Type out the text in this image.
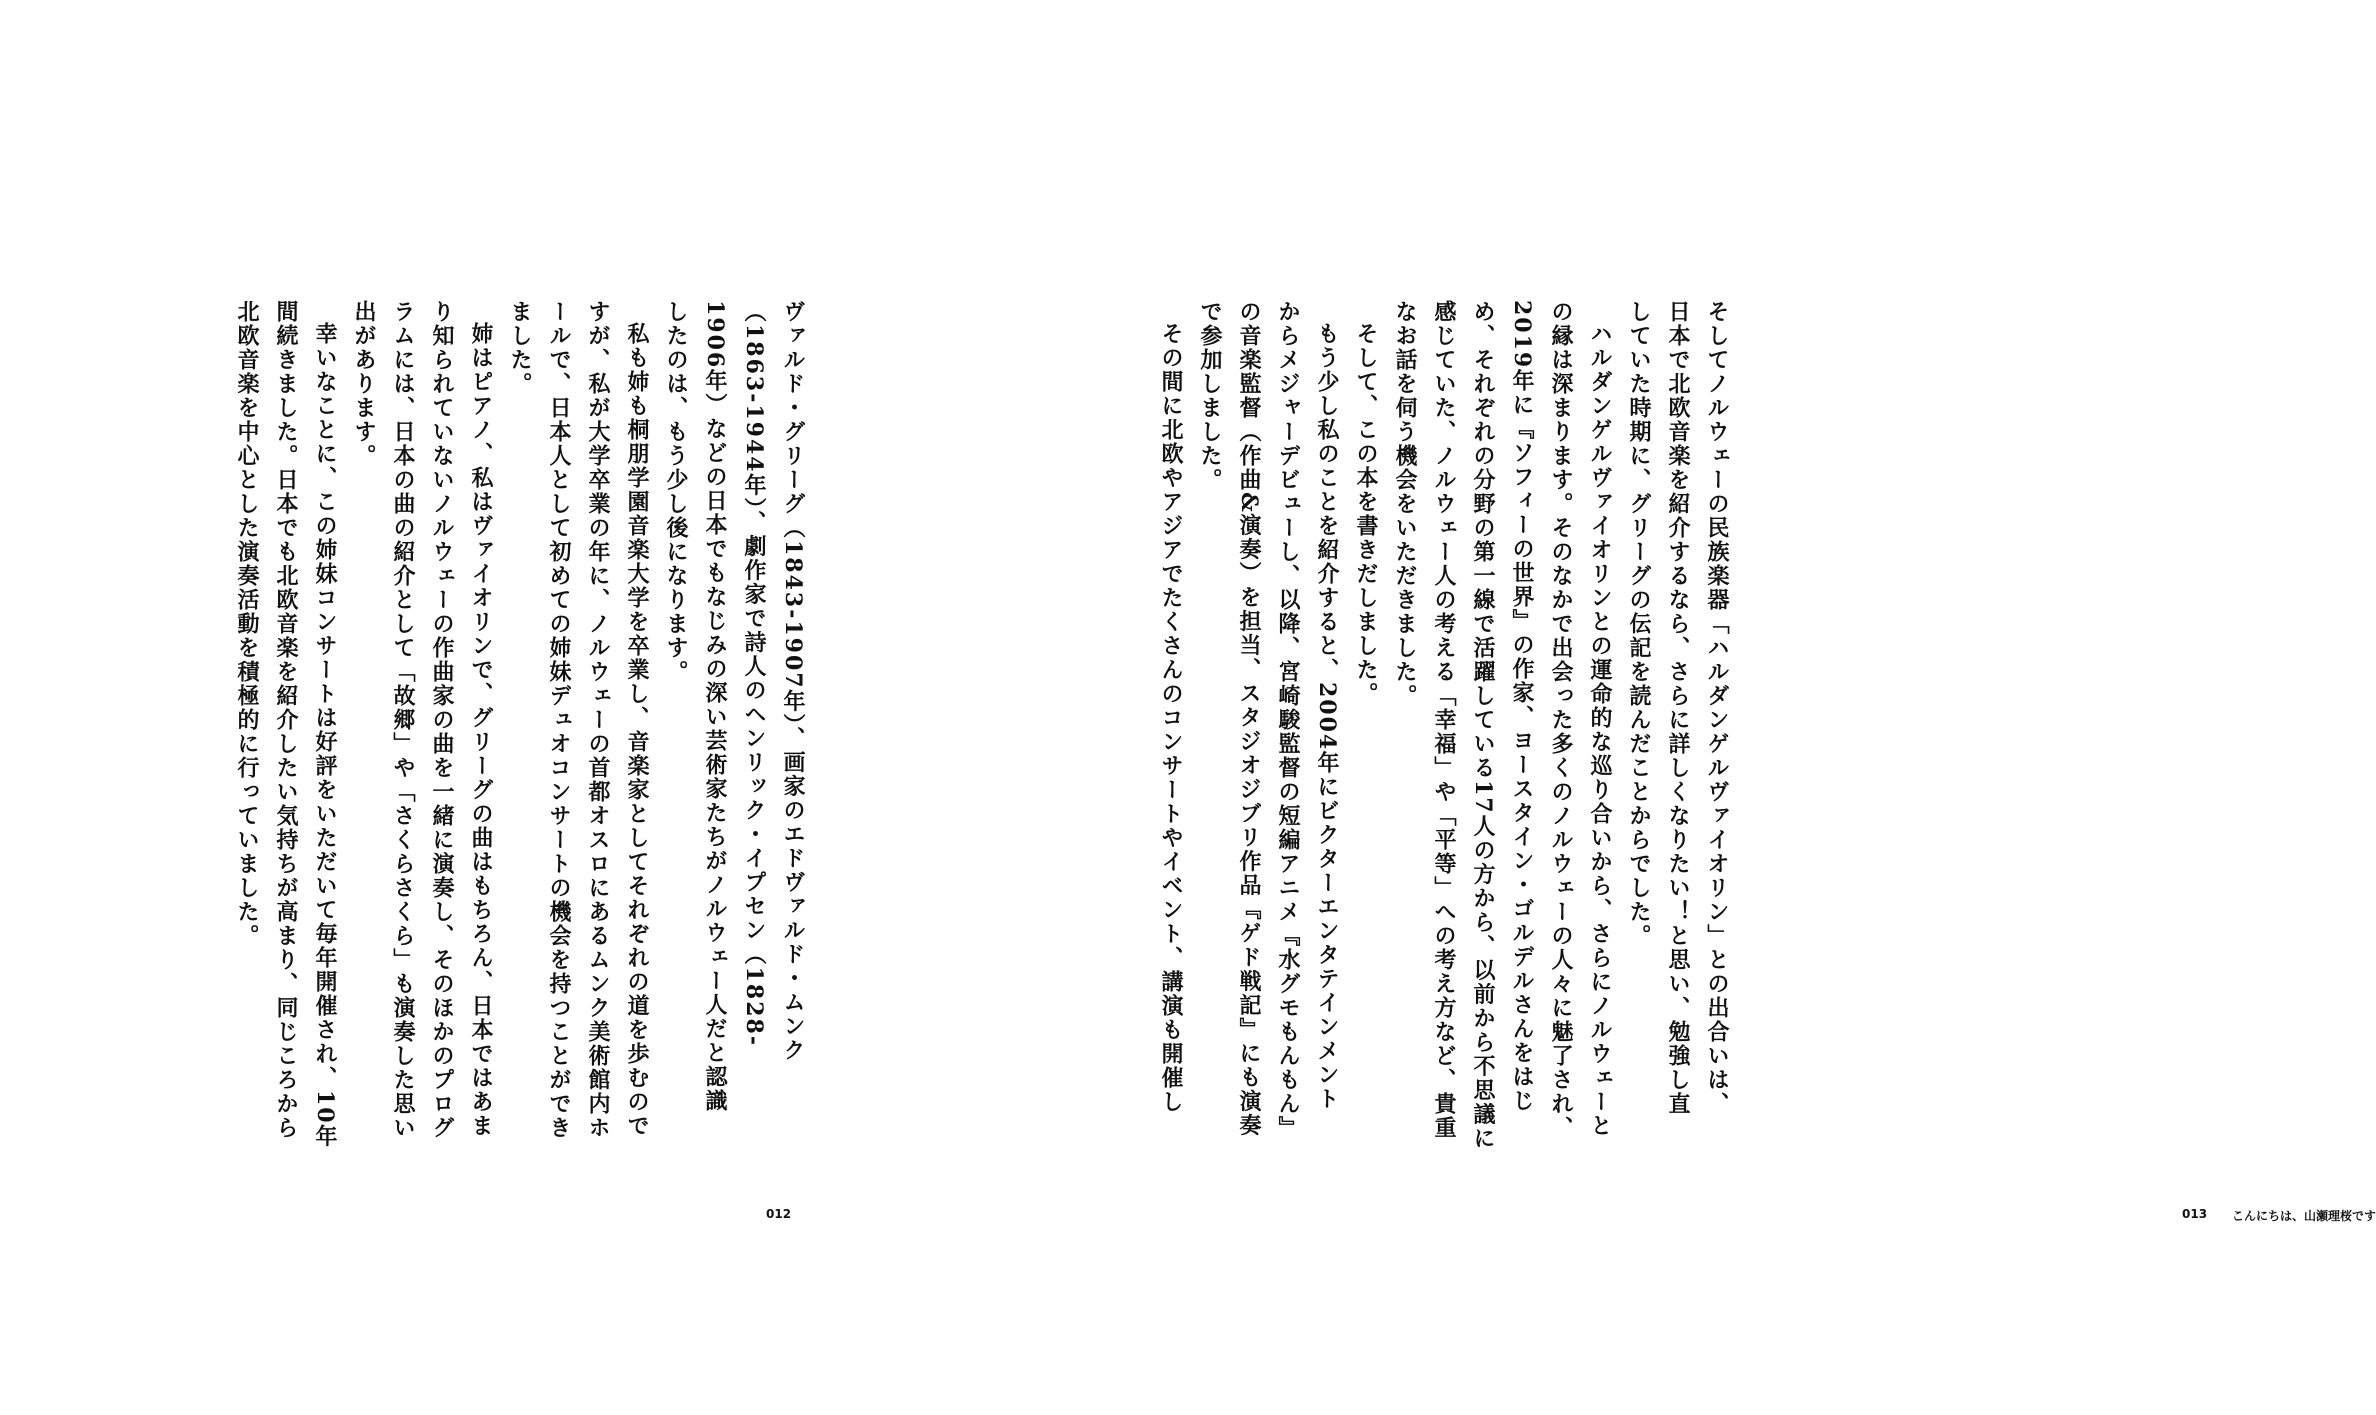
ヴァルド・グリーグ（1843‐1907年）、画家のエドヴァルド・ムンク
（1863‐1944年）、劇作家で詩人のヘンリック・イプセン（1828‐
1906年）などの日本でもなじみの深い芸術家たちがノルウェー人だと認識
したのは、もう少し後になります。
私も姉も桐朋学園音楽大学を卒業し、音楽家としてそれぞれの道を歩むので
すが、私が大学卒業の年に、ノルウェーの首都オスロにあるムンク美術館内ホ
ールで、日本人として初めての姉妹デュオコンサートの機会を持つことができ
ました。
姉はピアノ、私はヴァイオリンで、グリーグの曲はもちろん、日本ではあま
り知られていないノルウェーの作曲家の曲を一緒に演奏し、そのほかのプログ
ラムには、日本の曲の紹介として「故郷」や「さくらさくら」も演奏した思い
出があります。
幸いなことに、この姉妹コンサートは好評をいただいて毎年開催され、10年
間続きました。日本でも北欧音楽を紹介したい気持ちが高まり、同じころから
北欧音楽を中心とした演奏活動を積極的に行っていました。
012
そしてノルウェーの民族楽器「ハルダンゲルヴァイオリン」との出合いは、
日本で北欧音楽を紹介するなら、さらに詳しくなりたい！と思い、勉強し直
していた時期に、グリーグの伝記を読んだことからでした。
ハルダンゲルヴァイオリンとの運命的な巡り合いから、さらにノルウェーと
の縁は深まります。そのなかで出会った多くのノルウェーの人々に魅了され、
2019年に『ソフィーの世界』の作家、ヨースタイン・ゴルデルさんをはじ
め、それぞれの分野の第一線で活躍している17人の方から、以前から不思議に
感じていた、ノルウェー人の考える「幸福」や「平等」への考え方など、貴重
なお話を伺う機会をいただきました。
そして、この本を書きだしました。
もう少し私のことを紹介すると、2004年にビクターエンタテインメント
からメジャーデビューし、以降、宮崎駿監督の短編アニメ『水グモもんもん』
の音楽監督（作曲&演奏）を担当、スタジオジブリ作品『ゲド戦記』にも演奏
で参加しました。
その間に北欧やアジアでたくさんのコンサートやイベント、講演も開催し
013 こんにちは、山瀬理桜です
